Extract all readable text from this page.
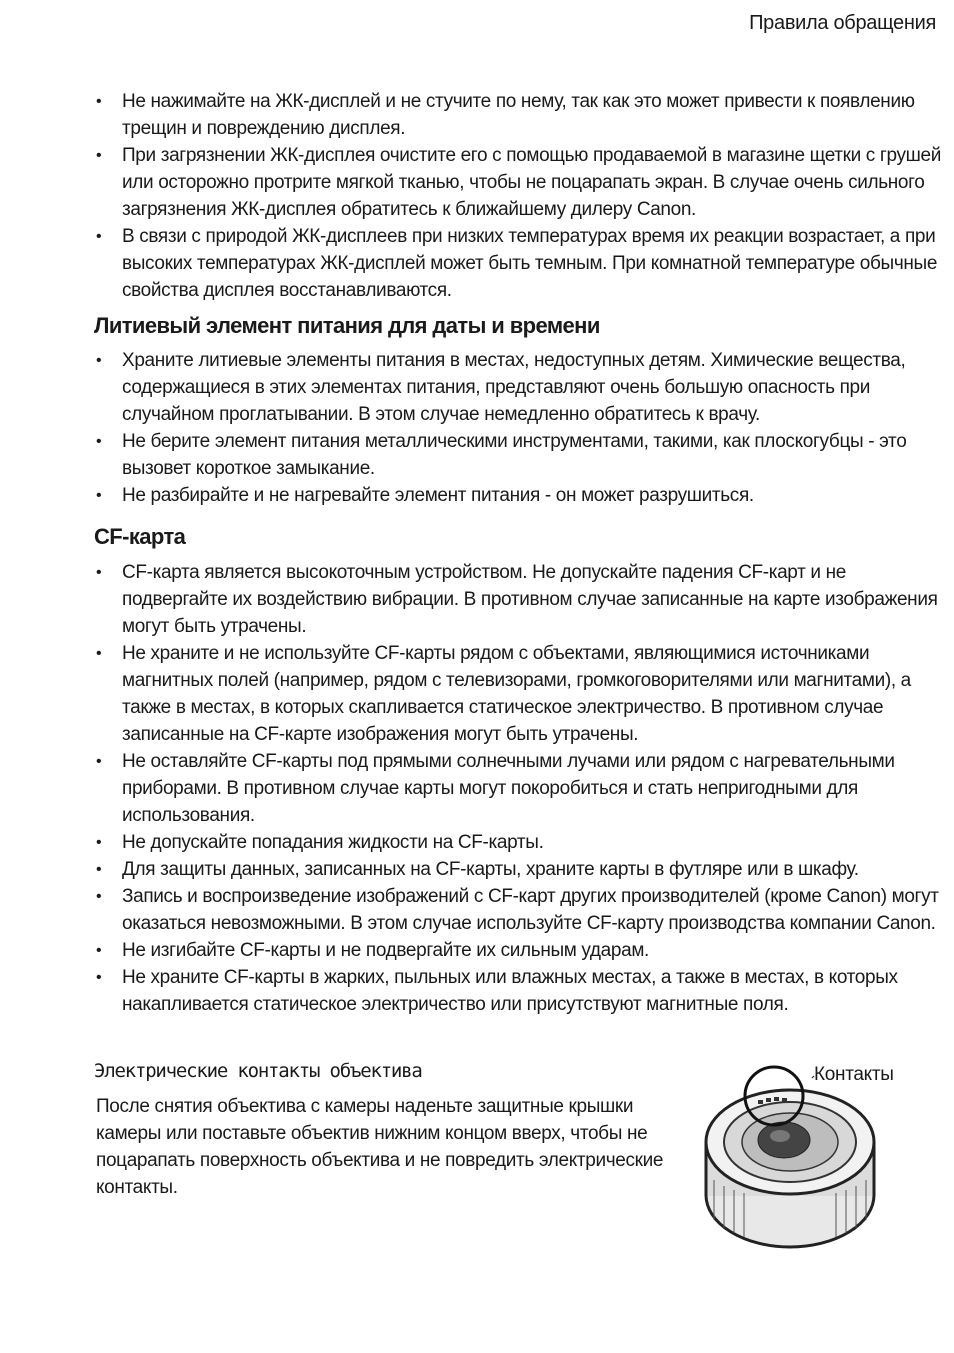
Правила обращения
• Не нажимайте на ЖК-дисплей и не стучите по нему, так как это может привести к появлению трещин и повреждению дисплея.
• При загрязнении ЖК-дисплея очистите его с помощью продаваемой в магазине щетки с грушей или осторожно протрите мягкой тканью, чтобы не поцарапать экран. В случае очень сильного загрязнения ЖК-дисплея обратитесь к ближайшему дилеру Canon.
• В связи с природой ЖК-дисплеев при низких температурах время их реакции возрастает, а при высоких температурах ЖК-дисплей может быть темным. При комнатной температуре обычные свойства дисплея восстанавливаются.
Литиевый элемент питания для даты и времени
• Храните литиевые элементы питания в местах, недоступных детям. Химические вещества, содержащиеся в этих элементах питания, представляют очень большую опасность при случайном проглатывании. В этом случае немедленно обратитесь к врачу.
• Не берите элемент питания металлическими инструментами, такими, как плоскогубцы - это вызовет короткое замыкание.
• Не разбирайте и не нагревайте элемент питания - он может разрушиться.
CF-карта
• CF-карта является высокоточным устройством. Не допускайте падения CF-карт и не подвергайте их воздействию вибрации. В противном случае записанные на карте изображения могут быть утрачены.
• Не храните и не используйте CF-карты рядом с объектами, являющимися источниками магнитных полей (например, рядом с телевизорами, громкоговорителями или магнитами), а также в местах, в которых скапливается статическое электричество. В противном случае записанные на CF-карте изображения могут быть утрачены.
• Не оставляйте CF-карты под прямыми солнечными лучами или рядом с нагревательными приборами. В противном случае карты могут покоробиться и стать непригодными для использования.
• Не допускайте попадания жидкости на CF-карты.
• Для защиты данных, записанных на CF-карты, храните карты в футляре или в шкафу.
• Запись и воспроизведение изображений с CF-карт других производителей (кроме Canon) могут оказаться невозможными. В этом случае используйте CF-карту производства компании Canon.
• Не изгибайте CF-карты и не подвергайте их сильным ударам.
• Не храните CF-карты в жарких, пыльных или влажных местах, а также в местах, в которых накапливается статическое электричество или присутствуют магнитные поля.
Электрические контакты объектива

После снятия объектива с камеры наденьте защитные крышки камеры или поставьте объектив нижним концом вверх, чтобы не поцарапать поверхность объектива и не повредить электрические контакты.

Контакты
